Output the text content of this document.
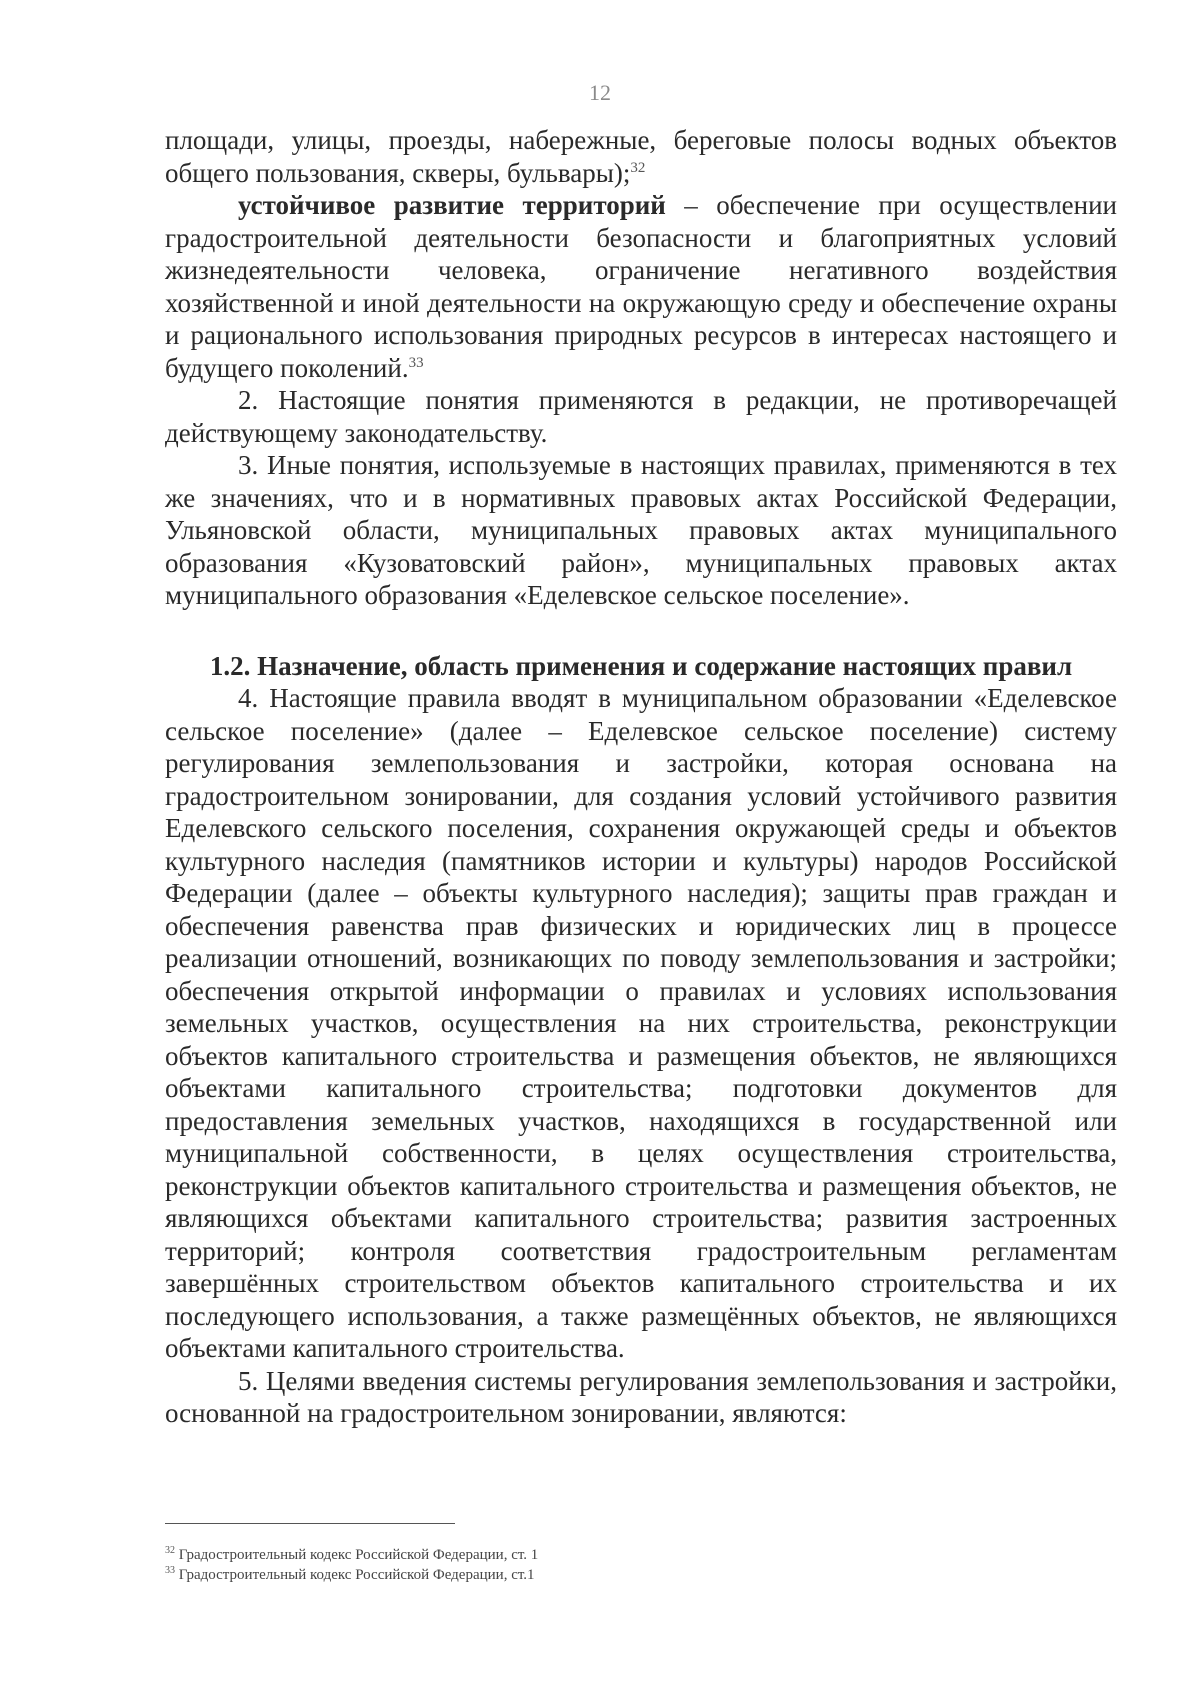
12

площади, улицы, проезды, набережные, береговые полосы водных объектов общего пользования, скверы, бульвары);$^{32}$

устойчивое развитие территорий – обеспечение при осуществлении градостроительной деятельности безопасности и благоприятных условий жизнедеятельности человека, ограничение негативного воздействия хозяйственной и иной деятельности на окружающую среду и обеспечение охраны и рационального использования природных ресурсов в интересах настоящего и будущего поколений.$^{33}$

2. Настоящие понятия применяются в редакции, не противоречащей действующему законодательству.

3. Иные понятия, используемые в настоящих правилах, применяются в тех же значениях, что и в нормативных правовых актах Российской Федерации, Ульяновской области, муниципальных правовых актах муниципального образования «Кузоватовский район», муниципальных правовых актах муниципального образования «Еделевское сельское поселение».

1.2. Назначение, область применения и содержание настоящих правил

4. Настоящие правила вводят в муниципальном образовании «Еделевское сельское поселение» (далее – Еделевское сельское поселение) систему регулирования землепользования и застройки, которая основана на градостроительном зонировании, для создания условий устойчивого развития Еделевского сельского поселения, сохранения окружающей среды и объектов культурного наследия (памятников истории и культуры) народов Российской Федерации (далее – объекты культурного наследия); защиты прав граждан и обеспечения равенства прав физических и юридических лиц в процессе реализации отношений, возникающих по поводу землепользования и застройки; обеспечения открытой информации о правилах и условиях использования земельных участков, осуществления на них строительства, реконструкции объектов капитального строительства и размещения объектов, не являющихся объектами капитального строительства; подготовки документов для предоставления земельных участков, находящихся в государственной или муниципальной собственности, в целях осуществления строительства, реконструкции объектов капитального строительства и размещения объектов, не являющихся объектами капитального строительства; развития застроенных территорий; контроля соответствия градостроительным регламентам завершённых строительством объектов капитального строительства и их последующего использования, а также размещённых объектов, не являющихся объектами капитального строительства.

5. Целями введения системы регулирования землепользования и застройки, основанной на градостроительном зонировании, являются:

$^{32}$ Градостроительный кодекс Российской Федерации, ст. 1
$^{33}$ Градостроительный кодекс Российской Федерации, ст.1
